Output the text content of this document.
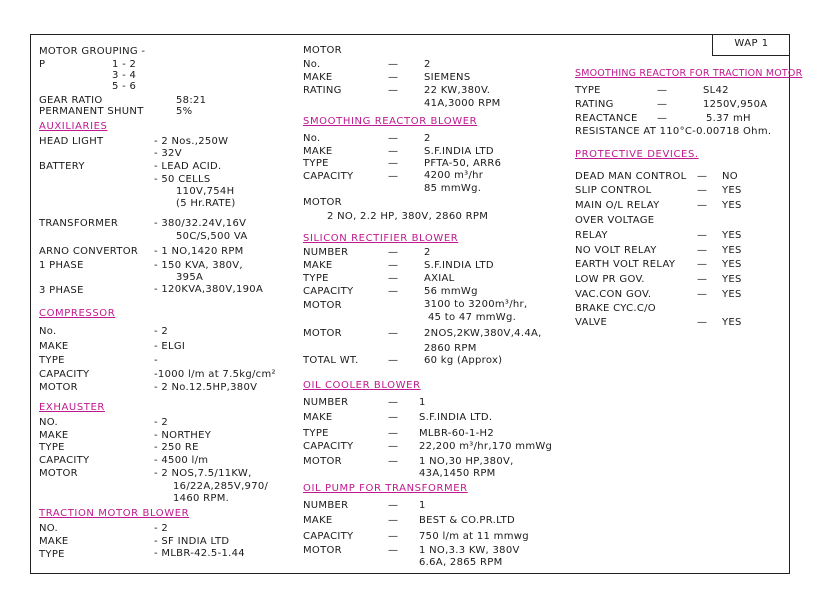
WAP 1
MOTOR GROUPING -
P	1 - 2
3 - 4
5 - 6
GEAR RATIO	58:21
PERMANENT SHUNT	5%
AUXILIARIES
HEAD LIGHT	- 2 Nos.,250W
- 32V
BATTERY	- LEAD ACID.
- 50 CELLS
110V,754H
(5 Hr.RATE)
TRANSFORMER	- 380/32.24V,16V
50C/S,500 VA
ARNO CONVERTOR - 1 NO,1420 RPM
1 PHASE	- 150 KVA, 380V,
395A
3 PHASE	- 120KVA,380V,190A
COMPRESSOR
No.	- 2
MAKE	- ELGI
TYPE	-
CAPACITY	-1000 l/m at 7.5kg/cm²
MOTOR	- 2 No.12.5HP,380V
EXHAUSTER
NO.	- 2
MAKE	- NORTHEY
TYPE	- 250 RE
CAPACITY	- 4500 l/m
MOTOR	- 2 NOS,7.5/11KW,
16/22A,285V,970/
1460 RPM.
TRACTION MOTOR BLOWER
NO.	- 2
MAKE	- SF INDIA LTD
TYPE	- MLBR-42.5-1.44
MOTOR
No.	—	2
MAKE	—	SIEMENS
RATING	—	22 KW,380V.
41A,3000 RPM
SMOOTHING REACTOR BLOWER
No.	—	2
MAKE	—	S.F.INDIA LTD
TYPE	—	PFTA-50, ARR6
CAPACITY	—	4200 m³/hr
85 mmWg.
MOTOR
2 NO, 2.2 HP, 380V, 2860 RPM
SILICON RECTIFIER BLOWER
NUMBER	—	2
MAKE	—	S.F.INDIA LTD
TYPE	—	AXIAL
CAPACITY	—	56 mmWg
MOTOR	3100 to 3200m³/hr,
45 to 47 mmWg.
MOTOR	—	2NOS,2KW,380V,4.4A,
2860 RPM
TOTAL WT.	—	60 kg (Approx)
OIL COOLER BLOWER
NUMBER	— 1
MAKE	— S.F.INDIA LTD.
TYPE	— MLBR-60-1-H2
CAPACITY	— 22,200 m³/hr,170 mmWg
MOTOR	— 1 NO,30 HP,380V,
43A,1450 RPM
OIL PUMP FOR TRANSFORMER
NUMBER	— 1
MAKE	— BEST & CO.PR.LTD
CAPACITY	— 750 l/m at 11 mmwg
MOTOR	— 1 NO,3.3 KW, 380V
6.6A, 2865 RPM
SMOOTHING REACTOR FOR TRACTION MOTOR
TYPE	—	SL42
RATING	—	1250V,950A
REACTANCE —	5.37 mH
RESISTANCE AT 110°C-0.00718 Ohm.
PROTECTIVE DEVICES.
DEAD MAN CONTROL — NO
SLIP CONTROL	— YES
MAIN O/L RELAY	— YES
OVER VOLTAGE
RELAY	— YES
NO VOLT RELAY	— YES
EARTH VOLT RELAY — YES
LOW PR GOV.	— YES
VAC.CON GOV.	— YES
BRAKE CYC.C/O
VALVE	— YES
